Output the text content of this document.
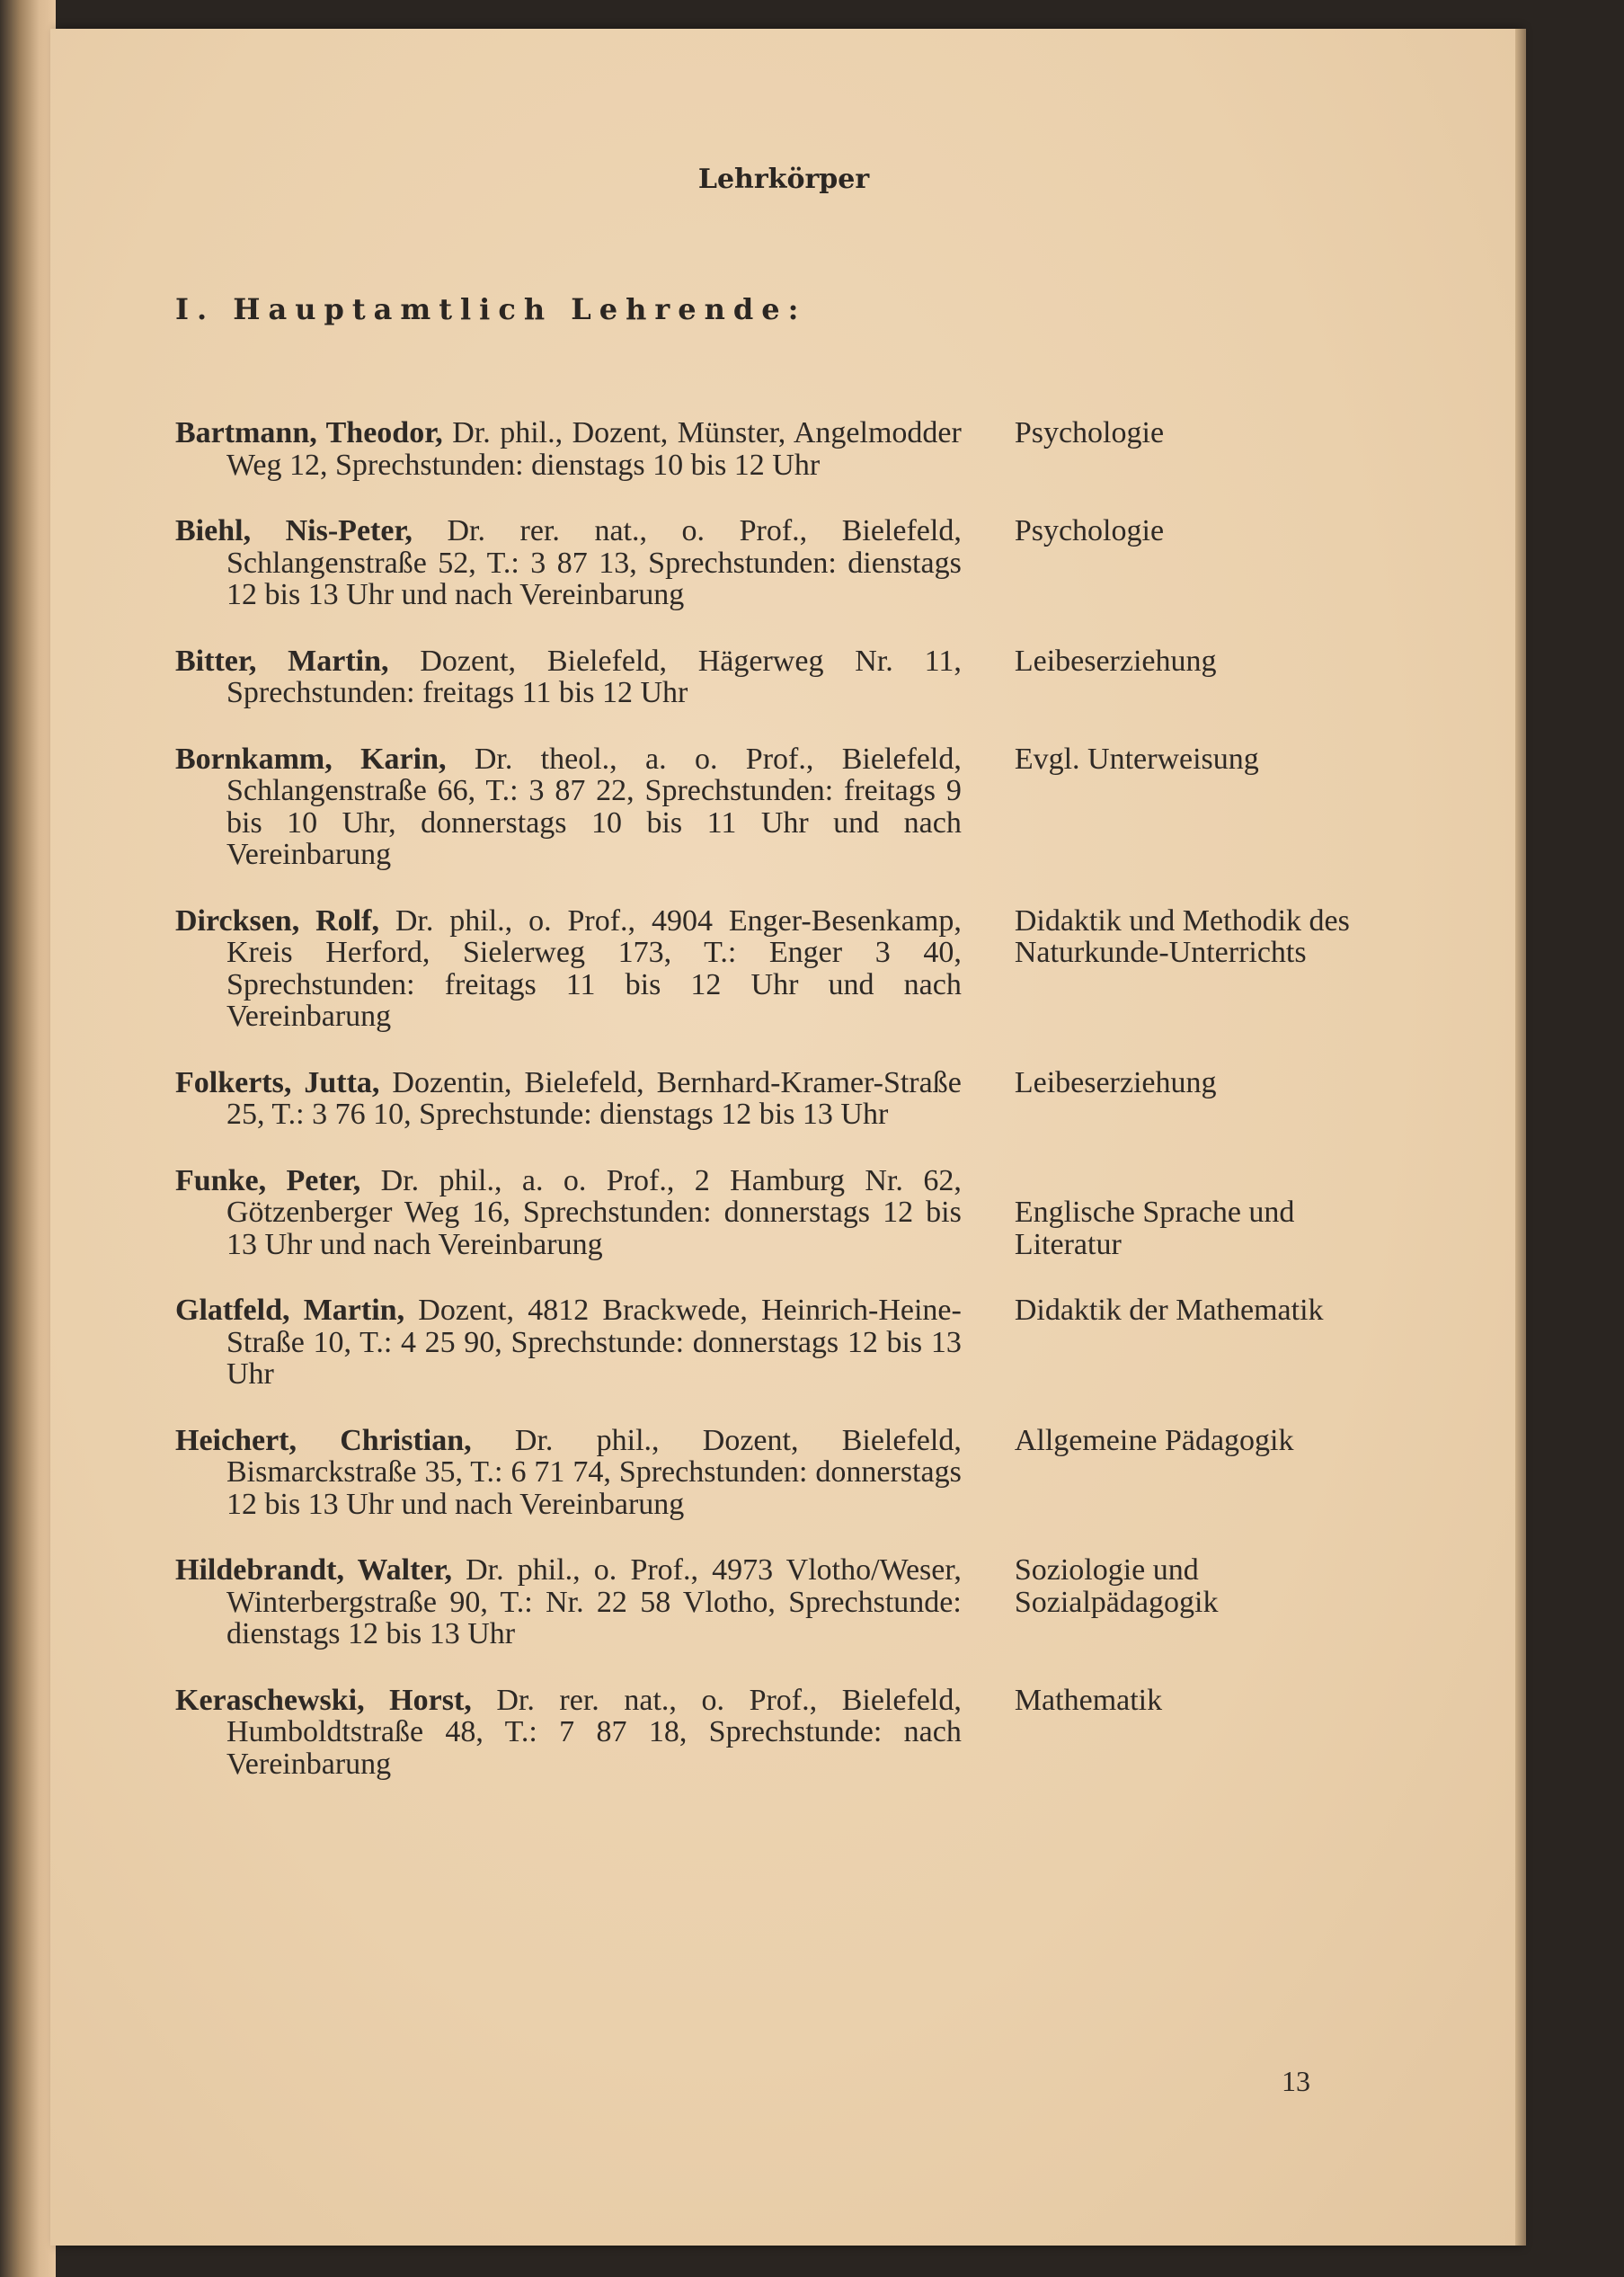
Lehrkörper
I. Hauptamtlich Lehrende:
Bartmann, Theodor, Dr. phil., Dozent, Münster, Angelmodder Weg 12, Sprechstunden: dienstags 10 bis 12 Uhr
Psychologie
Biehl, Nis-Peter, Dr. rer. nat., o. Prof., Bielefeld, Schlangenstraße 52, T.: 3 87 13, Sprechstunden: dienstags 12 bis 13 Uhr und nach Vereinbarung
Psychologie
Bitter, Martin, Dozent, Bielefeld, Hägerweg Nr. 11, Sprechstunden: freitags 11 bis 12 Uhr
Leibeserziehung
Bornkamm, Karin, Dr. theol., a. o. Prof., Bielefeld, Schlangenstraße 66, T.: 3 87 22, Sprechstunden: freitags 9 bis 10 Uhr, donnerstags 10 bis 11 Uhr und nach Vereinbarung
Evgl. Unterweisung
Dircksen, Rolf, Dr. phil., o. Prof., 4904 Enger-Besenkamp, Kreis Herford, Sielerweg 173, T.: Enger 3 40, Sprechstunden: freitags 11 bis 12 Uhr und nach Vereinbarung
Didaktik und Methodik des Naturkunde-Unterrichts
Folkerts, Jutta, Dozentin, Bielefeld, Bernhard-Kramer-Straße 25, T.: 3 76 10, Sprechstunde: dienstags 12 bis 13 Uhr
Leibeserziehung
Funke, Peter, Dr. phil., a. o. Prof., 2 Hamburg Nr. 62, Götzenberger Weg 16, Sprechstunden: donnerstags 12 bis 13 Uhr und nach Vereinbarung
Englische Sprache und Literatur
Glatfeld, Martin, Dozent, 4812 Brackwede, Heinrich-Heine-Straße 10, T.: 4 25 90, Sprechstunde: donnerstags 12 bis 13 Uhr
Didaktik der Mathematik
Heichert, Christian, Dr. phil., Dozent, Bielefeld, Bismarckstraße 35, T.: 6 71 74, Sprechstunden: donnerstags 12 bis 13 Uhr und nach Vereinbarung
Allgemeine Pädagogik
Hildebrandt, Walter, Dr. phil., o. Prof., 4973 Vlotho/Weser, Winterbergstraße 90, T.: Nr. 22 58 Vlotho, Sprechstunde: dienstags 12 bis 13 Uhr
Soziologie und Sozialpädagogik
Keraschewski, Horst, Dr. rer. nat., o. Prof., Bielefeld, Humboldtstraße 48, T.: 7 87 18, Sprechstunde: nach Vereinbarung
Mathematik
13
